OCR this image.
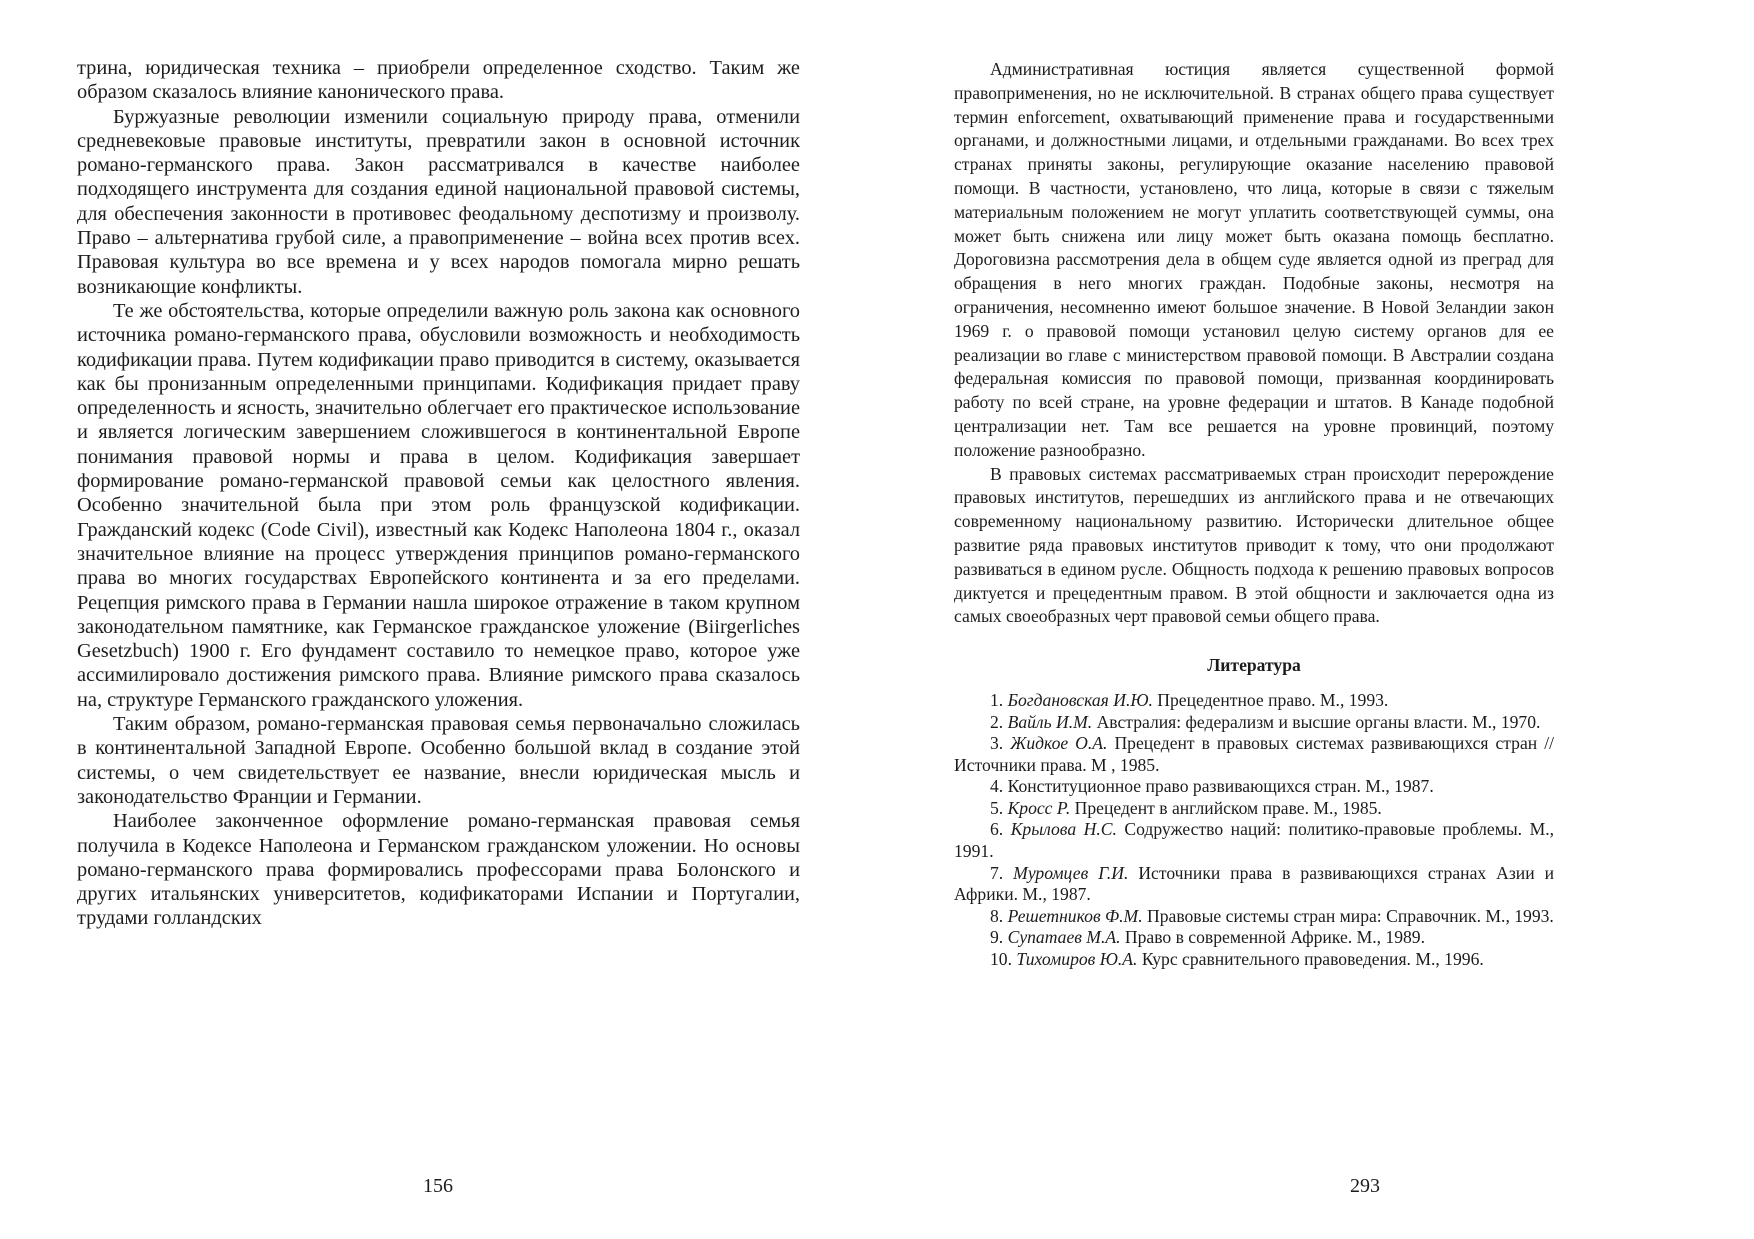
трина, юридическая техника – приобрели определенное сходство. Таким же образом сказалось влияние канонического права.

Буржуазные революции изменили социальную природу права, отменили средневековые правовые институты, превратили закон в основной источник романо-германского права. Закон рассматривался в качестве наиболее подходящего инструмента для создания единой национальной правовой системы, для обеспечения законности в противовес феодальному деспотизму и произволу. Право – альтернатива грубой силе, а правоприменение – война всех против всех. Правовая культура во все времена и у всех народов помогала мирно решать возникающие конфликты.

Те же обстоятельства, которые определили важную роль закона как основного источника романо-германского права, обусловили возможность и необходимость кодификации права. Путем кодификации право приводится в систему, оказывается как бы пронизанным определенными принципами. Кодификация придает праву определенность и ясность, значительно облегчает его практическое использование и является логическим завершением сложившегося в континентальной Европе понимания правовой нормы и права в целом. Кодификация завершает формирование романо-германской правовой семьи как целостного явления. Особенно значительной была при этом роль французской кодификации. Гражданский кодекс (Code Civil), известный как Кодекс Наполеона 1804 г., оказал значительное влияние на процесс утверждения принципов романо-германского права во многих государствах Европейского континента и за его пределами. Рецепция римского права в Германии нашла широкое отражение в таком крупном законодательном памятнике, как Германское гражданское уложение (Biirgerliches Gesetzbuch) 1900 г. Его фундамент составило то немецкое право, которое уже ассимилировало достижения римского права. Влияние римского права сказалось на, структуре Германского гражданского уложения.

Таким образом, романо-германская правовая семья первоначально сложилась в континентальной Западной Европе. Особенно большой вклад в создание этой системы, о чем свидетельствует ее название, внесли юридическая мысль и законодательство Франции и Германии.

Наиболее законченное оформление романо-германская правовая семья получила в Кодексе Наполеона и Германском гражданском уложении. Но основы романо-германского права формировались профессорами права Болонского и других итальянских университетов, кодификаторами Испании и Португалии, трудами голландских

156

Административная юстиция является существенной формой правоприменения, но не исключительной. В странах общего права существует термин enforcement, охватывающий применение права и государственными органами, и должностными лицами, и отдельными гражданами. Во всех трех странах приняты законы, регулирующие оказание населению правовой помощи. В частности, установлено, что лица, которые в связи с тяжелым материальным положением не могут уплатить соответствующей суммы, она может быть снижена или лицу может быть оказана помощь бесплатно. Дороговизна рассмотрения дела в общем суде является одной из преград для обращения в него многих граждан. Подобные законы, несмотря на ограничения, несомненно имеют большое значение. В Новой Зеландии закон 1969 г. о правовой помощи установил целую систему органов для ее реализации во главе с министерством правовой помощи. В Австралии создана федеральная комиссия по правовой помощи, призванная координировать работу по всей стране, на уровне федерации и штатов. В Канаде подобной централизации нет. Там все решается на уровне провинций, поэтому положение разнообразно.

В правовых системах рассматриваемых стран происходит перерождение правовых институтов, перешедших из английского права и не отвечающих современному национальному развитию. Исторически длительное общее развитие ряда правовых институтов приводит к тому, что они продолжают развиваться в едином русле. Общность подхода к решению правовых вопросов диктуется и прецедентным правом. В этой общности и заключается одна из самых своеобразных черт правовой семьи общего права.

Литература
1. Богдановская И.Ю. Прецедентное право. М., 1993.
2. Вайль И.М. Австралия: федерализм и высшие органы власти. М., 1970.
3. Жидкое О.А. Прецедент в правовых системах развивающихся стран // Источники права. М , 1985.
4. Конституционное право развивающихся стран. М., 1987.
5. Кросс Р. Прецедент в английском праве. М., 1985.
6. Крылова Н.С. Содружество наций: политико-правовые проблемы. М., 1991.
7. Муромцев Г.И. Источники права в развивающихся странах Азии и Африки. М., 1987.
8. Решетников Ф.М. Правовые системы стран мира: Справочник. М., 1993.
9. Супатаев М.А. Право в современной Африке. М., 1989.
10. Тихомиров Ю.А. Курс сравнительного правоведения. М., 1996.
293
